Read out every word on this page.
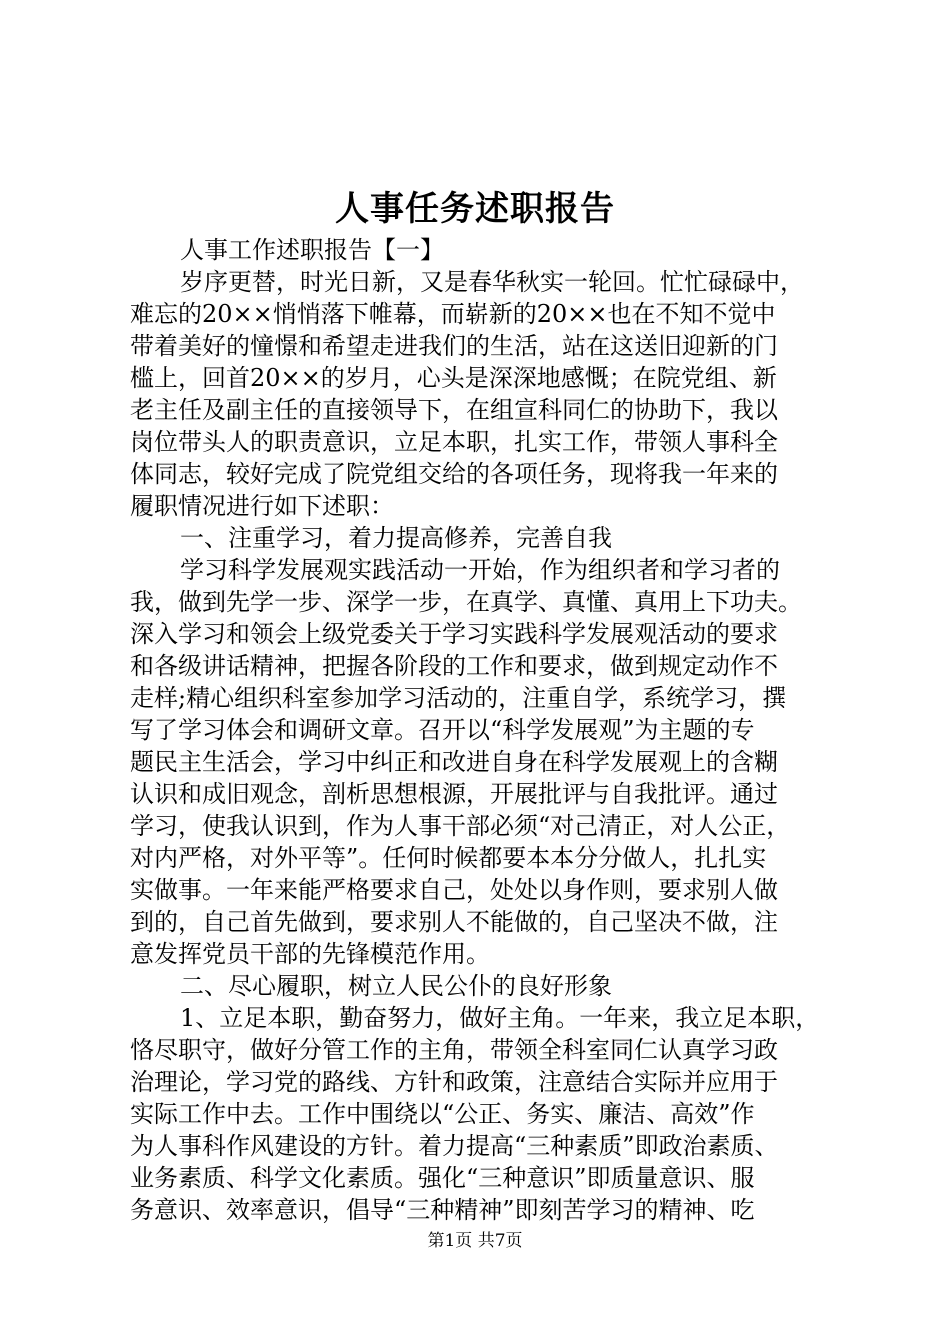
人事任务述职报告
人事工作述职报告【一】
岁序更替，时光日新，又是春华秋实一轮回。忙忙碌碌中，
难忘的20××悄悄落下帷幕，而崭新的20××也在不知不觉中
带着美好的憧憬和希望走进我们的生活，站在这送旧迎新的门
槛上，回首20××的岁月，心头是深深地感慨；在院党组、新
老主任及副主任的直接领导下，在组宣科同仁的协助下，我以
岗位带头人的职责意识，立足本职，扎实工作，带领人事科全
体同志，较好完成了院党组交给的各项任务，现将我一年来的
履职情况进行如下述职：
一、注重学习，着力提高修养，完善自我
学习科学发展观实践活动一开始，作为组织者和学习者的
我，做到先学一步、深学一步，在真学、真懂、真用上下功夫。
深入学习和领会上级党委关于学习实践科学发展观活动的要求
和各级讲话精神，把握各阶段的工作和要求，做到规定动作不
走样;精心组织科室参加学习活动的，注重自学，系统学习，撰
写了学习体会和调研文章。召开以“科学发展观”为主题的专
题民主生活会，学习中纠正和改进自身在科学发展观上的含糊
认识和成旧观念，剖析思想根源，开展批评与自我批评。通过
学习，使我认识到，作为人事干部必须“对己清正，对人公正，
对内严格，对外平等”。任何时候都要本本分分做人，扎扎实
实做事。一年来能严格要求自己，处处以身作则，要求别人做
到的，自己首先做到，要求别人不能做的，自己坚决不做，注
意发挥党员干部的先锋模范作用。
二、尽心履职，树立人民公仆的良好形象
1、立足本职，勤奋努力，做好主角。一年来，我立足本职，
恪尽职守，做好分管工作的主角，带领全科室同仁认真学习政
治理论，学习党的路线、方针和政策，注意结合实际并应用于
实际工作中去。工作中围绕以“公正、务实、廉洁、高效”作
为人事科作风建设的方针。着力提高“三种素质”即政治素质、
业务素质、科学文化素质。强化“三种意识”即质量意识、服
务意识、效率意识，倡导“三种精神”即刻苦学习的精神、吃
第1页 共7页
